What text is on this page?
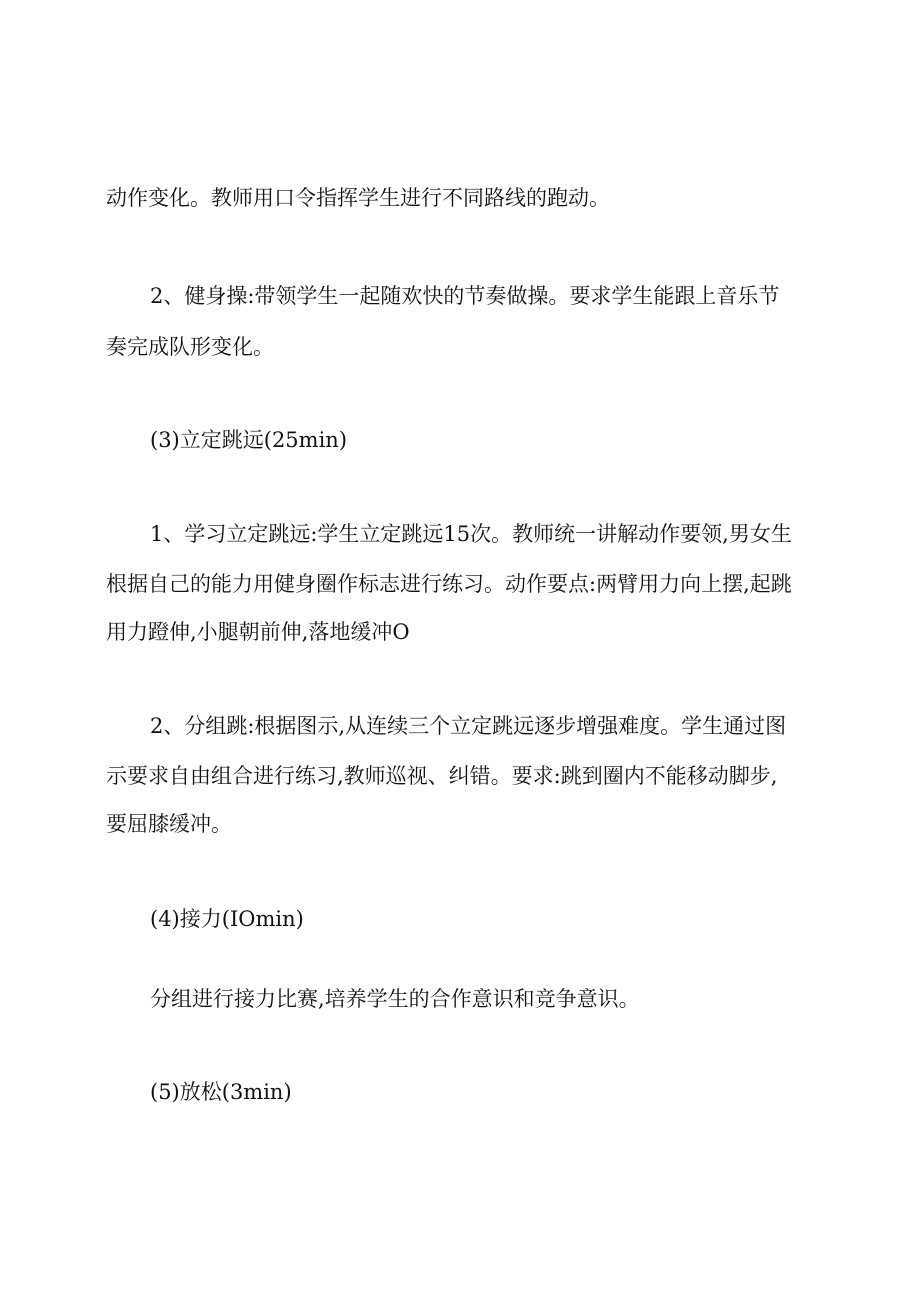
动作变化。教师用口令指挥学生进行不同路线的跑动。
2、健身操:带领学生一起随欢快的节奏做操。要求学生能跟上音乐节
奏完成队形变化。
(3)立定跳远(25min)
1、学习立定跳远:学生立定跳远15次。教师统一讲解动作要领,男女生
根据自己的能力用健身圈作标志进行练习。动作要点:两臂用力向上摆,起跳
用力蹬伸,小腿朝前伸,落地缓冲O
2、分组跳:根据图示,从连续三个立定跳远逐步增强难度。学生通过图
示要求自由组合进行练习,教师巡视、纠错。要求:跳到圈内不能移动脚步,
要屈膝缓冲。
(4)接力(IOmin)
分组进行接力比赛,培养学生的合作意识和竞争意识。
(5)放松(3min)
